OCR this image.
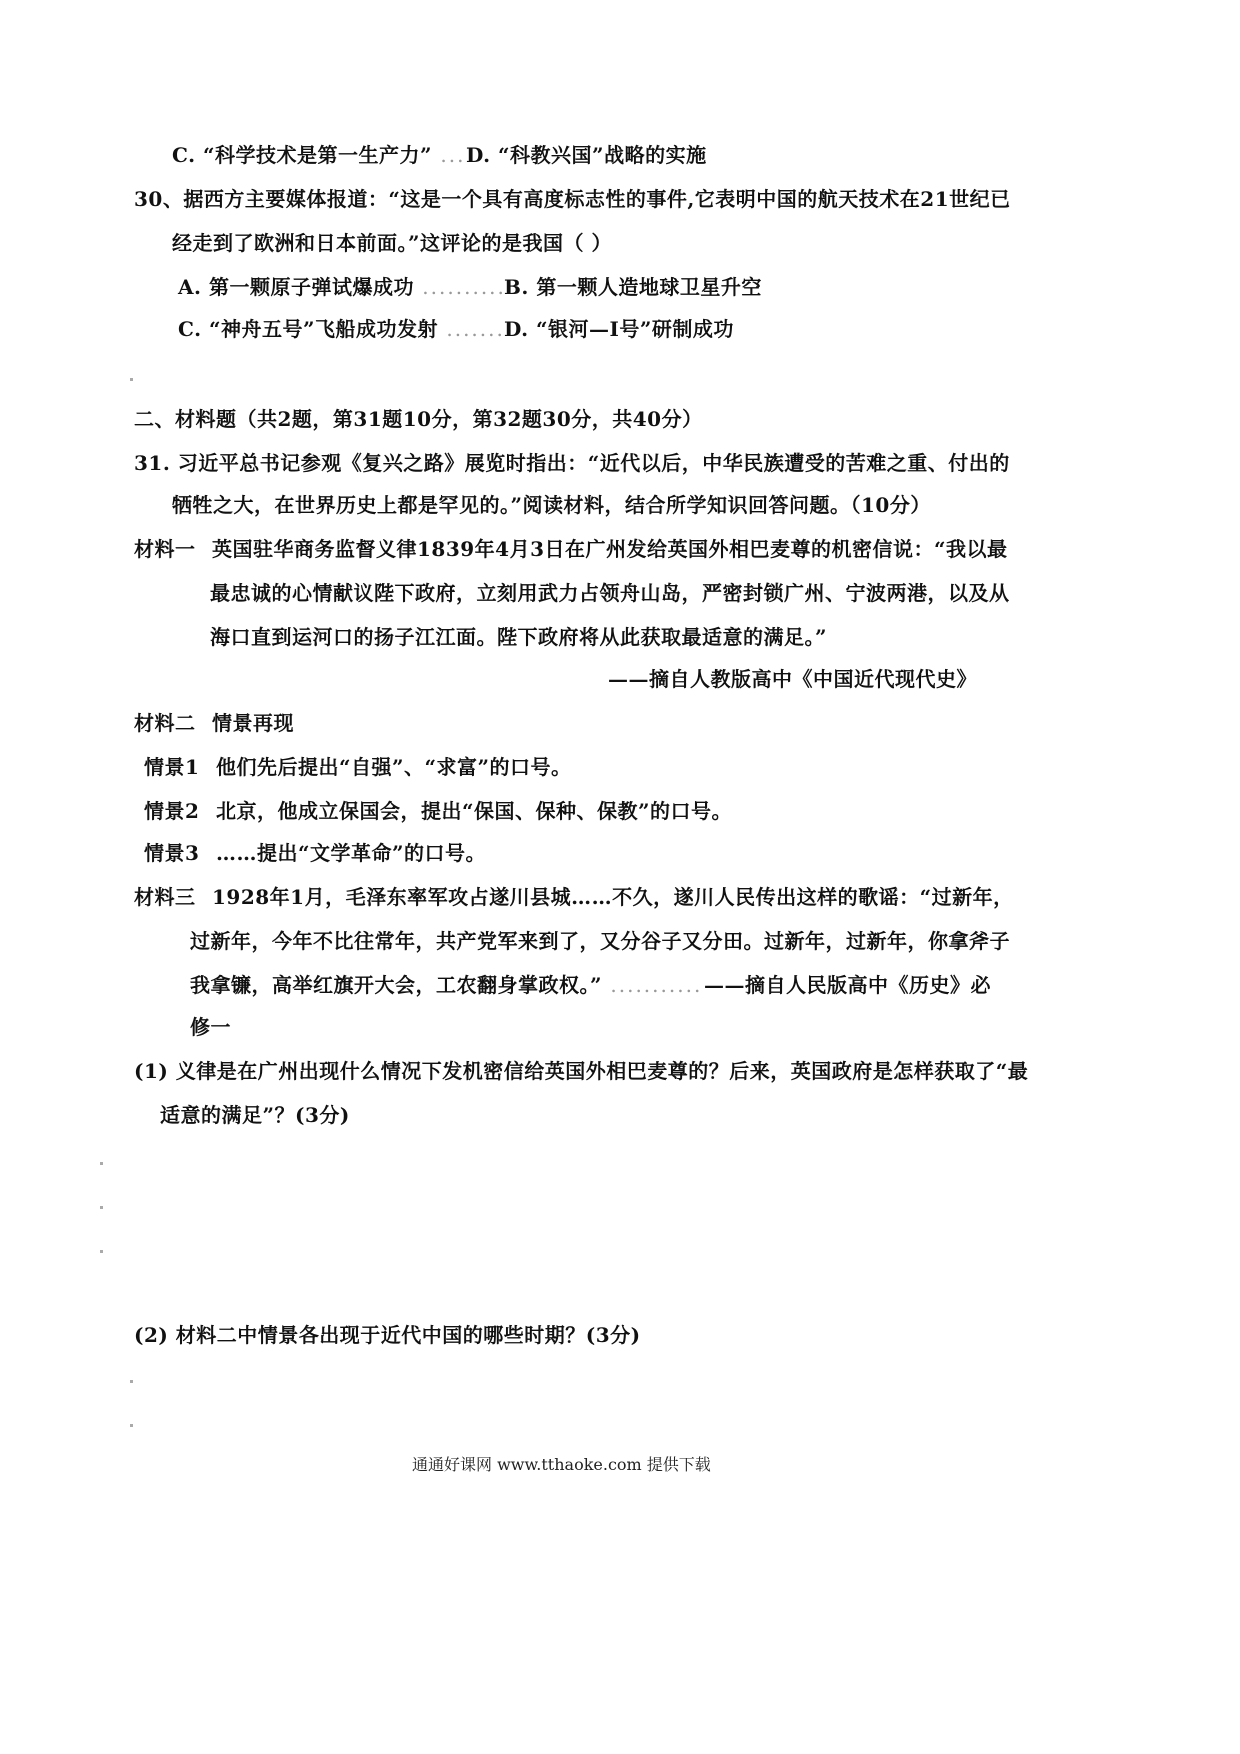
C. “科学技术是第一生产力” ... D. “科教兴国”战略的实施
30、据西方主要媒体报道：“这是一个具有高度标志性的事件,它表明中国的航天技术在21世纪已
经走到了欧洲和日本前面。”这评论的是我国（ ）
A. 第一颗原子弹试爆成功 ..........
B. 第一颗人造地球卫星升空
C. “神舟五号”飞船成功发射 ....... D. “银河—I号”研制成功
二、材料题（共2题，第31题10分，第32题30分，共40分）
31. 习近平总书记参观《复兴之路》展览时指出：“近代以后，中华民族遭受的苦难之重、付出的
牺牲之大，在世界历史上都是罕见的。”阅读材料，结合所学知识回答问题。（10分）
材料一 英国驻华商务监督义律1839年4月3日在广州发给英国外相巴麦尊的机密信说：“我以最
最忠诚的心情献议陛下政府，立刻用武力占领舟山岛，严密封锁广州、宁波两港，以及从
海口直到运河口的扬子江江面。陛下政府将从此获取最适意的满足。”
——摘自人教版高中《中国近代现代史》
材料二 情景再现
情景1 他们先后提出“自强”、“求富”的口号。
情景2 北京，他成立保国会，提出“保国、保种、保教”的口号。
情景3 ……提出“文学革命”的口号。
材料三 1928年1月，毛泽东率军攻占遂川县城……不久，遂川人民传出这样的歌谣：“过新年，
过新年，今年不比往常年，共产党军来到了，又分谷子又分田。过新年，过新年，你拿斧子
我拿镰，高举红旗开大会，工农翻身掌政权。” ........... ——摘自人民版高中《历史》必
修一
(1) 义律是在广州出现什么情况下发机密信给英国外相巴麦尊的？后来，英国政府是怎样获取了“最
适意的满足”？(3分)
(2) 材料二中情景各出现于近代中国的哪些时期？(3分)
通通好课网 www.tthaoke.com 提供下载
